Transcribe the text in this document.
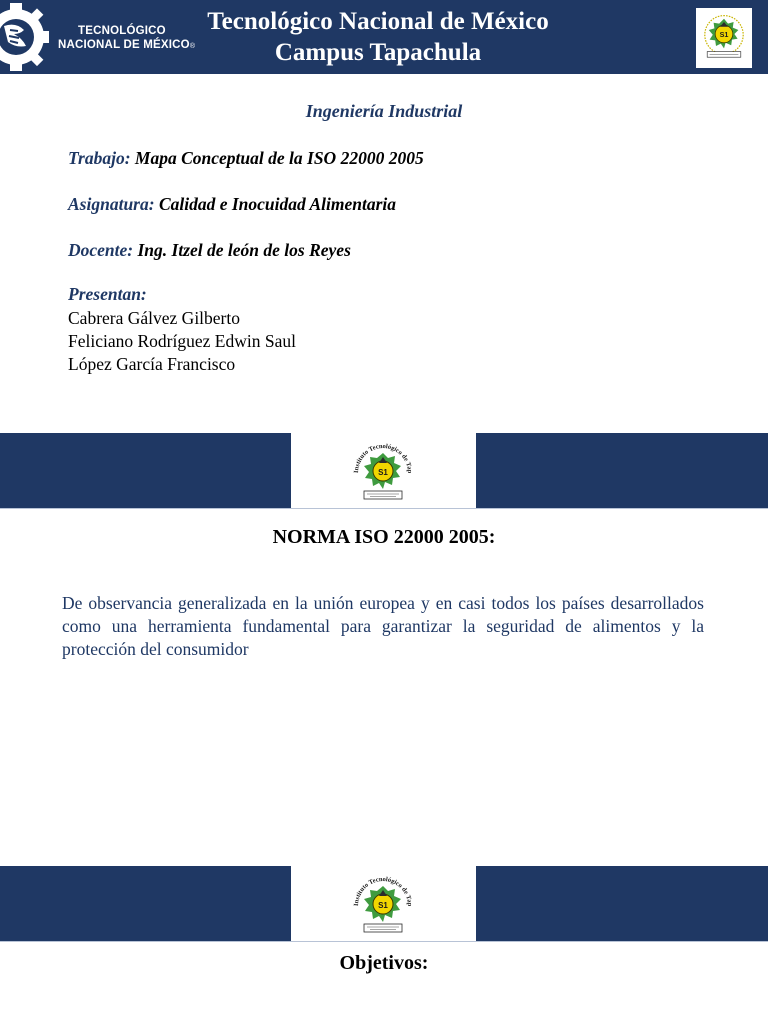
TECNOLÓGICO
NACIONAL DE MÉXICO®
Tecnológico Nacional de México
Campus Tapachula
S1
Ingeniería Industrial
Trabajo: Mapa Conceptual de la ISO 22000 2005
Asignatura: Calidad e Inocuidad Alimentaria
Docente: Ing. Itzel de león de los Reyes
Presentan:
Cabrera Gálvez Gilberto
Feliciano Rodríguez Edwin Saul
López García Francisco
Instituto Tecnológico de Tap
S1
NORMA ISO 22000 2005:
De observancia generalizada en la unión europea y en casi todos los países desarrollados como una herramienta fundamental para garantizar la seguridad de alimentos y la protección del consumidor
Instituto Tecnológico de Tap
S1
Objetivos:
